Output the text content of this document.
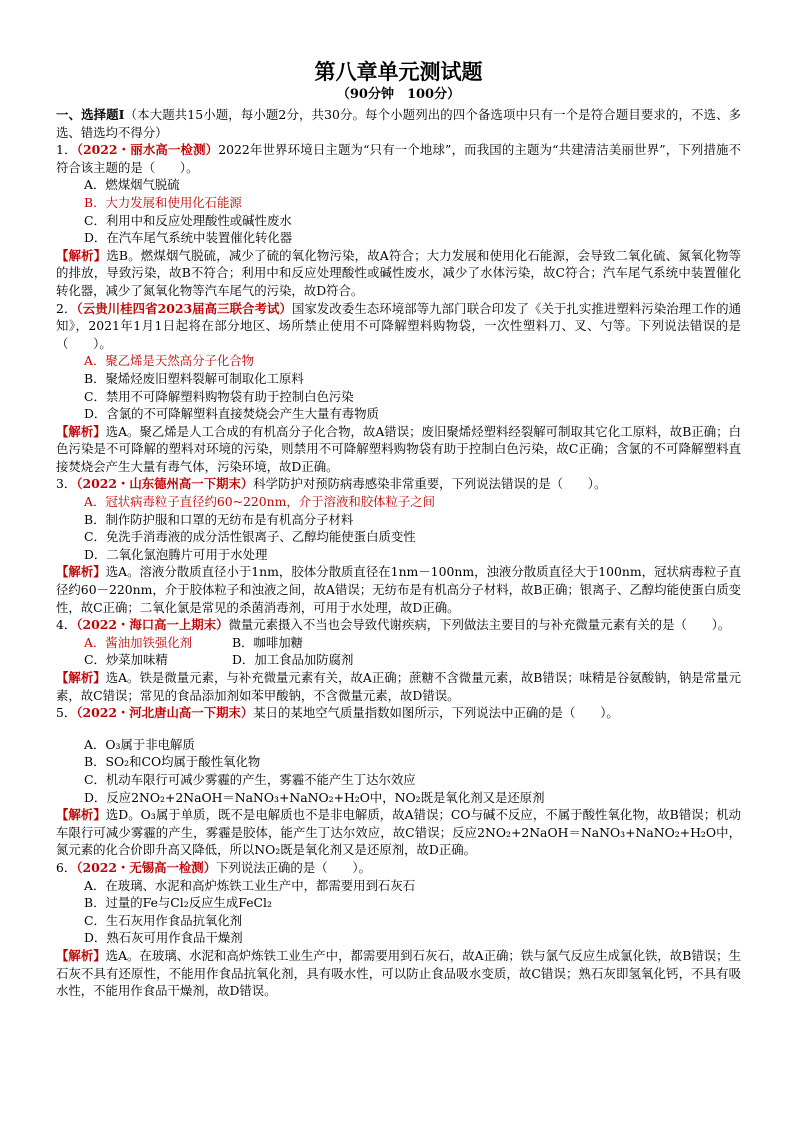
第八章单元测试题

（90分钟　100分）

一、选择题Ⅰ（本大题共15小题，每小题2分，共30分。每个小题列出的四个备选项中只有一个是符合题目要求的，不选、多选、错选均不得分）

1．（2022・丽水高一检测）2022年世界环境日主题为“只有一个地球”，而我国的主题为“共建清洁美丽世界”，下列措施不符合该主题的是（　　）。

A．燃煤烟气脱硫

B．大力发展和使用化石能源

C．利用中和反应处理酸性或碱性废水

D．在汽车尾气系统中装置催化转化器

【解析】选B。燃煤烟气脱硫，减少了硫的氧化物污染，故A符合；大力发展和使用化石能源，会导致二氧化硫、氮氧化物等的排放，导致污染，故B不符合；利用中和反应处理酸性或碱性废水，减少了水体污染，故C符合；汽车尾气系统中装置催化转化器，减少了氮氧化物等汽车尾气的污染，故D符合。

2．（云贵川桂四省2023届高三联合考试）国家发改委生态环境部等九部门联合印发了《关于扎实推进塑料污染治理工作的通知》，2021年1月1日起将在部分地区、场所禁止使用不可降解塑料购物袋，一次性塑料刀、叉、勺等。下列说法错误的是（　　）。

A．聚乙烯是天然高分子化合物

B．聚烯烃废旧塑料裂解可制取化工原料

C．禁用不可降解塑料购物袋有助于控制白色污染

D．含氯的不可降解塑料直接焚烧会产生大量有毒物质

【解析】选A。聚乙烯是人工合成的有机高分子化合物，故A错误；废旧聚烯烃塑料经裂解可制取其它化工原料，故B正确；白色污染是不可降解的塑料对环境的污染，则禁用不可降解塑料购物袋有助于控制白色污染，故C正确；含氯的不可降解塑料直接焚烧会产生大量有毒气体，污染环境，故D正确。

3．（2022・山东德州高一下期末）科学防护对预防病毒感染非常重要，下列说法错误的是（　　）。

A．冠状病毒粒子直径约60~220nm，介于溶液和胶体粒子之间

B．制作防护服和口罩的无纺布是有机高分子材料

C．免洗手消毒液的成分活性银离子、乙醇均能使蛋白质变性

D．二氧化氯泡腾片可用于水处理

【解析】选A。溶液分散质直径小于1nm，胶体分散质直径在1nm－100nm，浊液分散质直径大于100nm，冠状病毒粒子直径约60－220nm，介于胶体粒子和浊液之间，故A错误；无纺布是有机高分子材料，故B正确；银离子、乙醇均能使蛋白质变性，故C正确；二氧化氯是常见的杀菌消毒剂，可用于水处理，故D正确。

4．（2022・海口高一上期末）微量元素摄入不当也会导致代谢疾病，下列做法主要目的与补充微量元素有关的是（　　）。

A．酱油加铁强化剂	B．咖啡加糖

C．炒菜加味精	D．加工食品加防腐剂

【解析】选A。铁是微量元素，与补充微量元素有关，故A正确；蔗糖不含微量元素，故B错误；味精是谷氨酸钠，钠是常量元素，故C错误；常见的食品添加剂如苯甲酸钠，不含微量元素，故D错误。

5．（2022・河北唐山高一下期末）某日的某地空气质量指数如图所示，下列说法中正确的是（　　）。

A．O₃属于非电解质

B．SO₂和CO均属于酸性氧化物

C．机动车限行可减少雾霾的产生，雾霾不能产生丁达尔效应

D．反应2NO₂+2NaOH＝NaNO₃+NaNO₂+H₂O中，NO₂既是氧化剂又是还原剂

【解析】选D。O₃属于单质，既不是电解质也不是非电解质，故A错误；CO与碱不反应，不属于酸性氧化物，故B错误；机动车限行可减少雾霾的产生，雾霾是胶体，能产生丁达尔效应，故C错误；反应2NO₂+2NaOH＝NaNO₃+NaNO₂+H₂O中，氮元素的化合价即升高又降低，所以NO₂既是氧化剂又是还原剂，故D正确。

6．（2022・无锡高一检测）下列说法正确的是（　　）。

A．在玻璃、水泥和高炉炼铁工业生产中，都需要用到石灰石

B．过量的Fe与Cl₂反应生成FeCl₂

C．生石灰用作食品抗氧化剂

D．熟石灰可用作食品干燥剂

【解析】选A。在玻璃、水泥和高炉炼铁工业生产中，都需要用到石灰石，故A正确；铁与氯气反应生成氯化铁，故B错误；生石灰不具有还原性，不能用作食品抗氧化剂，具有吸水性，可以防止食品吸水变质，故C错误；熟石灰即氢氧化钙，不具有吸水性，不能用作食品干燥剂，故D错误。
